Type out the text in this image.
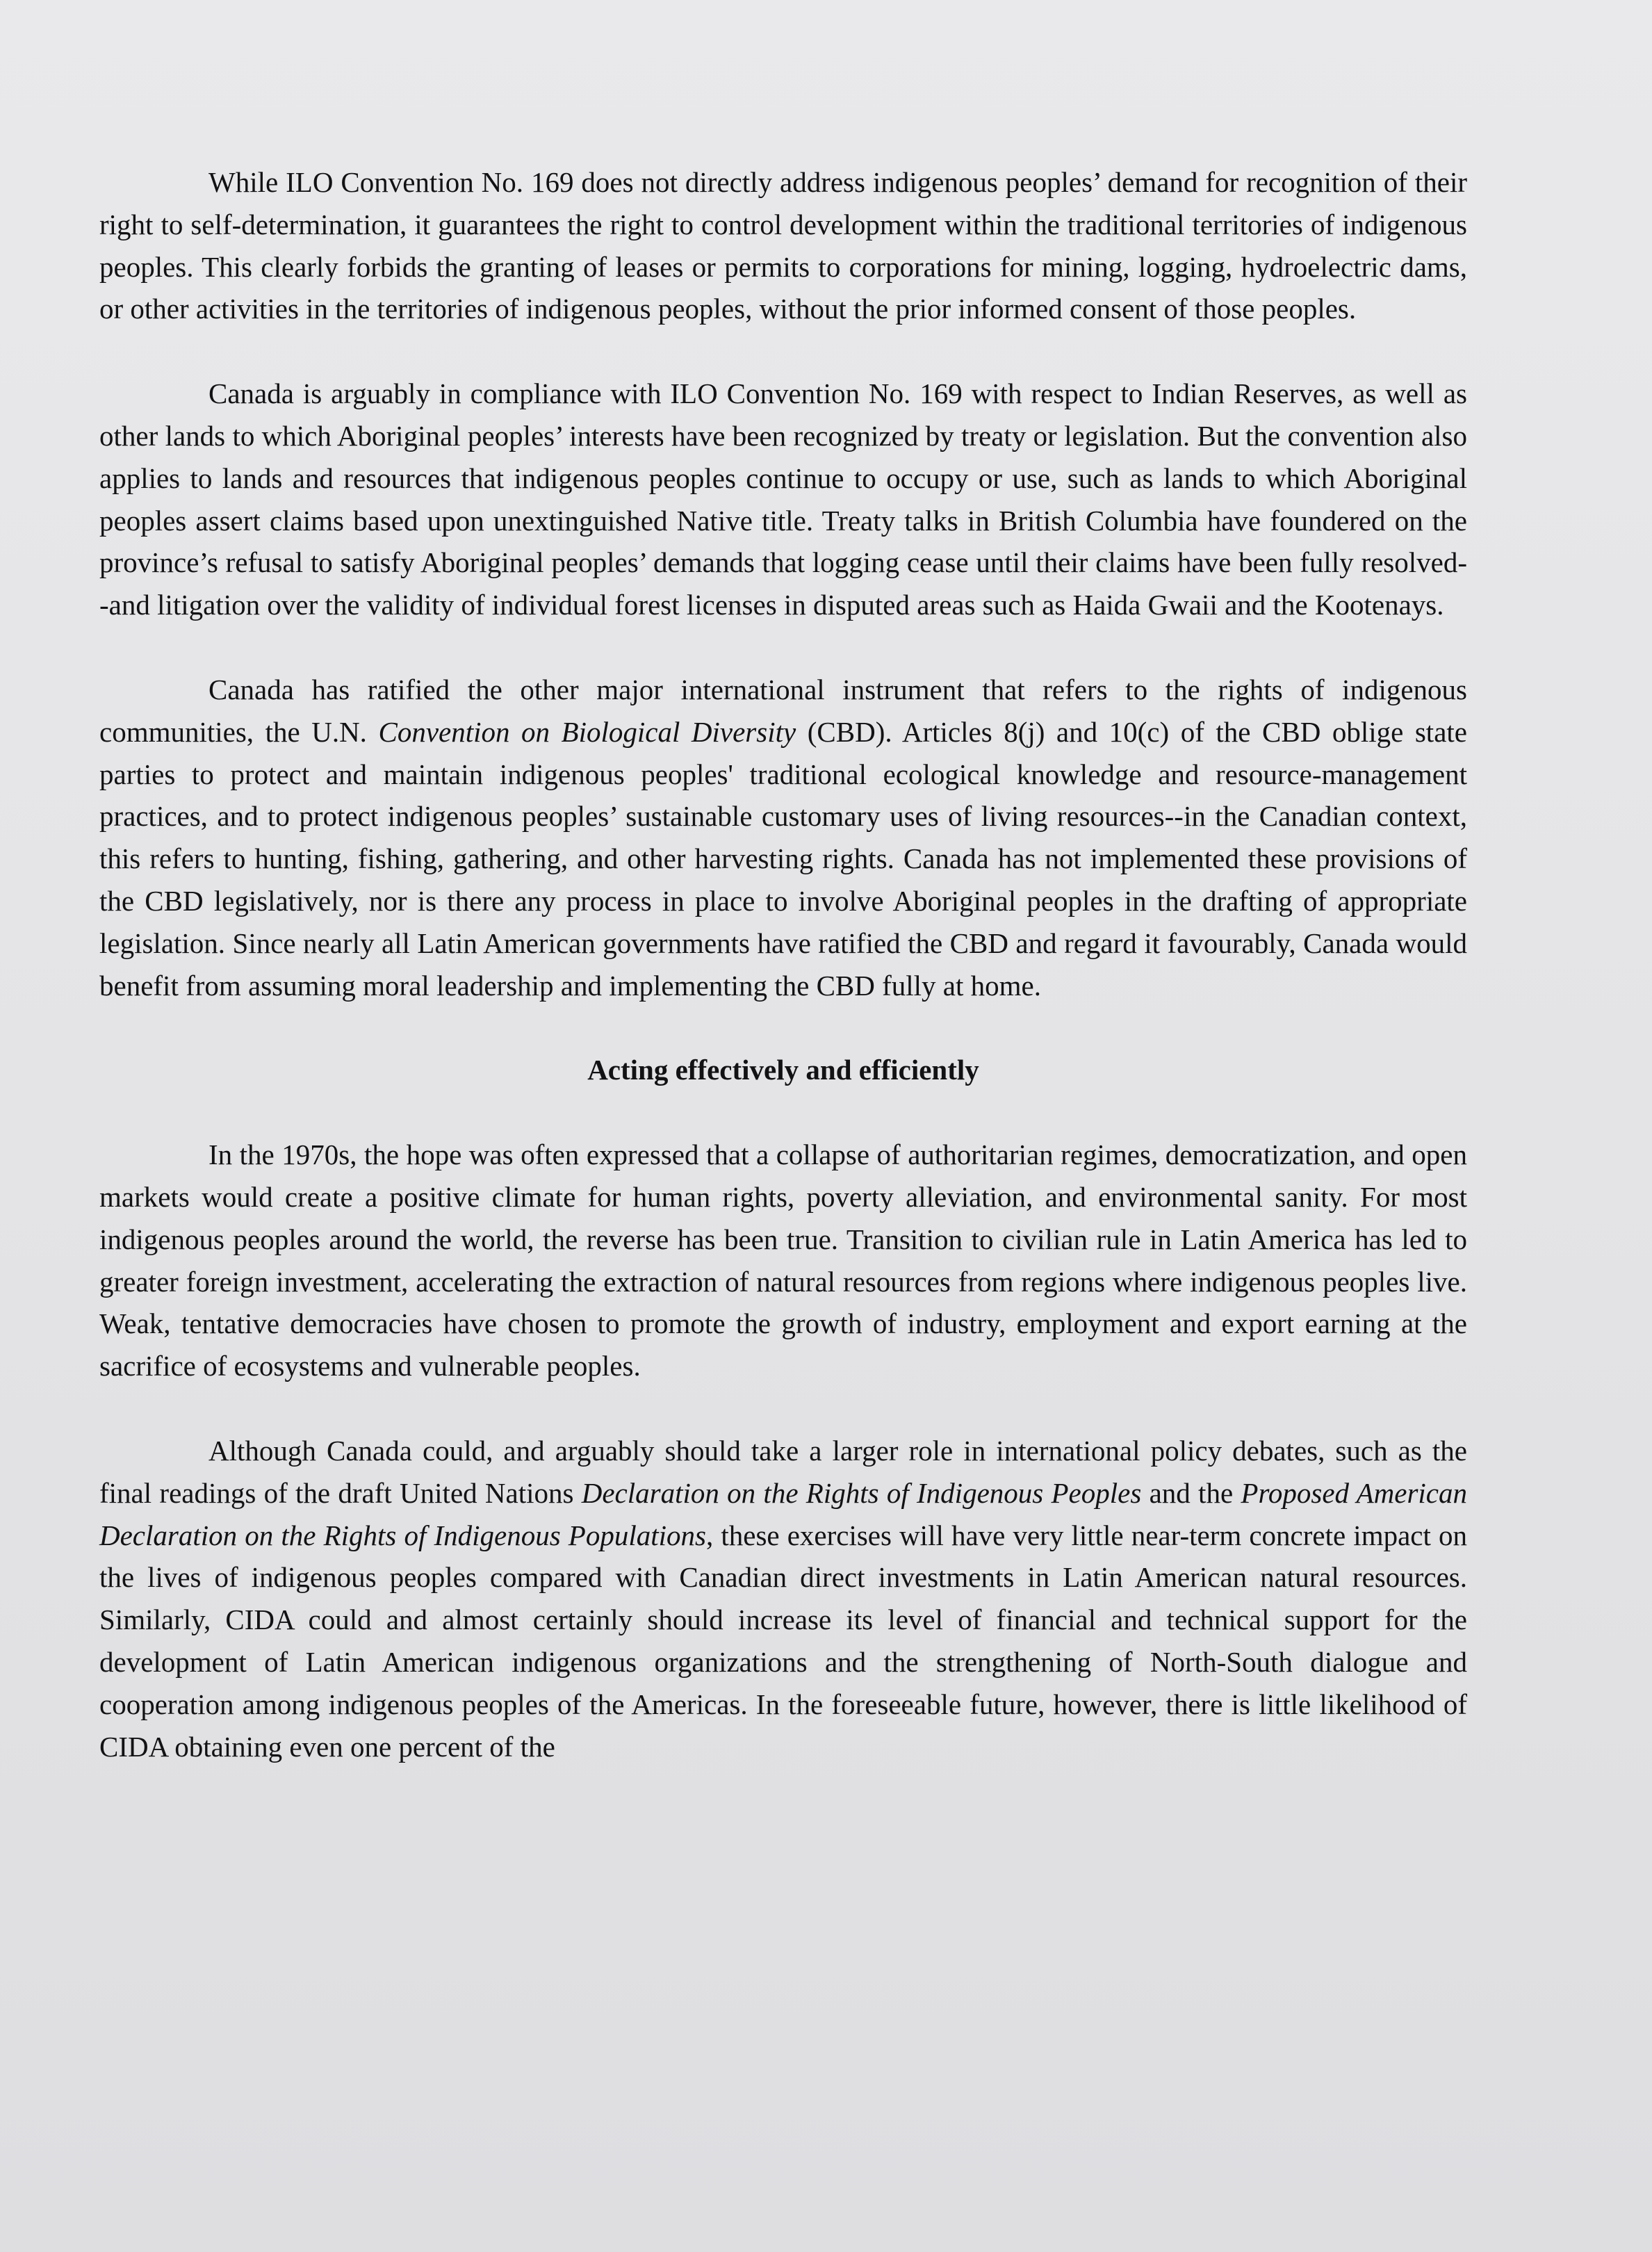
While ILO Convention No. 169 does not directly address indigenous peoples’ demand for recognition of their right to self-determination, it guarantees the right to control development within the traditional territories of indigenous peoples. This clearly forbids the granting of leases or permits to corporations for mining, logging, hydroelectric dams, or other activities in the territories of indigenous peoples, without the prior informed consent of those peoples.

Canada is arguably in compliance with ILO Convention No. 169 with respect to Indian Reserves, as well as other lands to which Aboriginal peoples’ interests have been recognized by treaty or legislation. But the convention also applies to lands and resources that indigenous peoples continue to occupy or use, such as lands to which Aboriginal peoples assert claims based upon unextinguished Native title. Treaty talks in British Columbia have foundered on the province’s refusal to satisfy Aboriginal peoples’ demands that logging cease until their claims have been fully resolved--and litigation over the validity of individual forest licenses in disputed areas such as Haida Gwaii and the Kootenays.

Canada has ratified the other major international instrument that refers to the rights of indigenous communities, the U.N. Convention on Biological Diversity (CBD). Articles 8(j) and 10(c) of the CBD oblige state parties to protect and maintain indigenous peoples' traditional ecological knowledge and resource-management practices, and to protect indigenous peoples’ sustainable customary uses of living resources--in the Canadian context, this refers to hunting, fishing, gathering, and other harvesting rights. Canada has not implemented these provisions of the CBD legislatively, nor is there any process in place to involve Aboriginal peoples in the drafting of appropriate legislation. Since nearly all Latin American governments have ratified the CBD and regard it favourably, Canada would benefit from assuming moral leadership and implementing the CBD fully at home.

Acting effectively and efficiently

In the 1970s, the hope was often expressed that a collapse of authoritarian regimes, democratization, and open markets would create a positive climate for human rights, poverty alleviation, and environmental sanity. For most indigenous peoples around the world, the reverse has been true. Transition to civilian rule in Latin America has led to greater foreign investment, accelerating the extraction of natural resources from regions where indigenous peoples live. Weak, tentative democracies have chosen to promote the growth of industry, employment and export earning at the sacrifice of ecosystems and vulnerable peoples.

Although Canada could, and arguably should take a larger role in international policy debates, such as the final readings of the draft United Nations Declaration on the Rights of Indigenous Peoples and the Proposed American Declaration on the Rights of Indigenous Populations, these exercises will have very little near-term concrete impact on the lives of indigenous peoples compared with Canadian direct investments in Latin American natural resources. Similarly, CIDA could and almost certainly should increase its level of financial and technical support for the development of Latin American indigenous organizations and the strengthening of North-South dialogue and cooperation among indigenous peoples of the Americas. In the foreseeable future, however, there is little likelihood of CIDA obtaining even one percent of the
